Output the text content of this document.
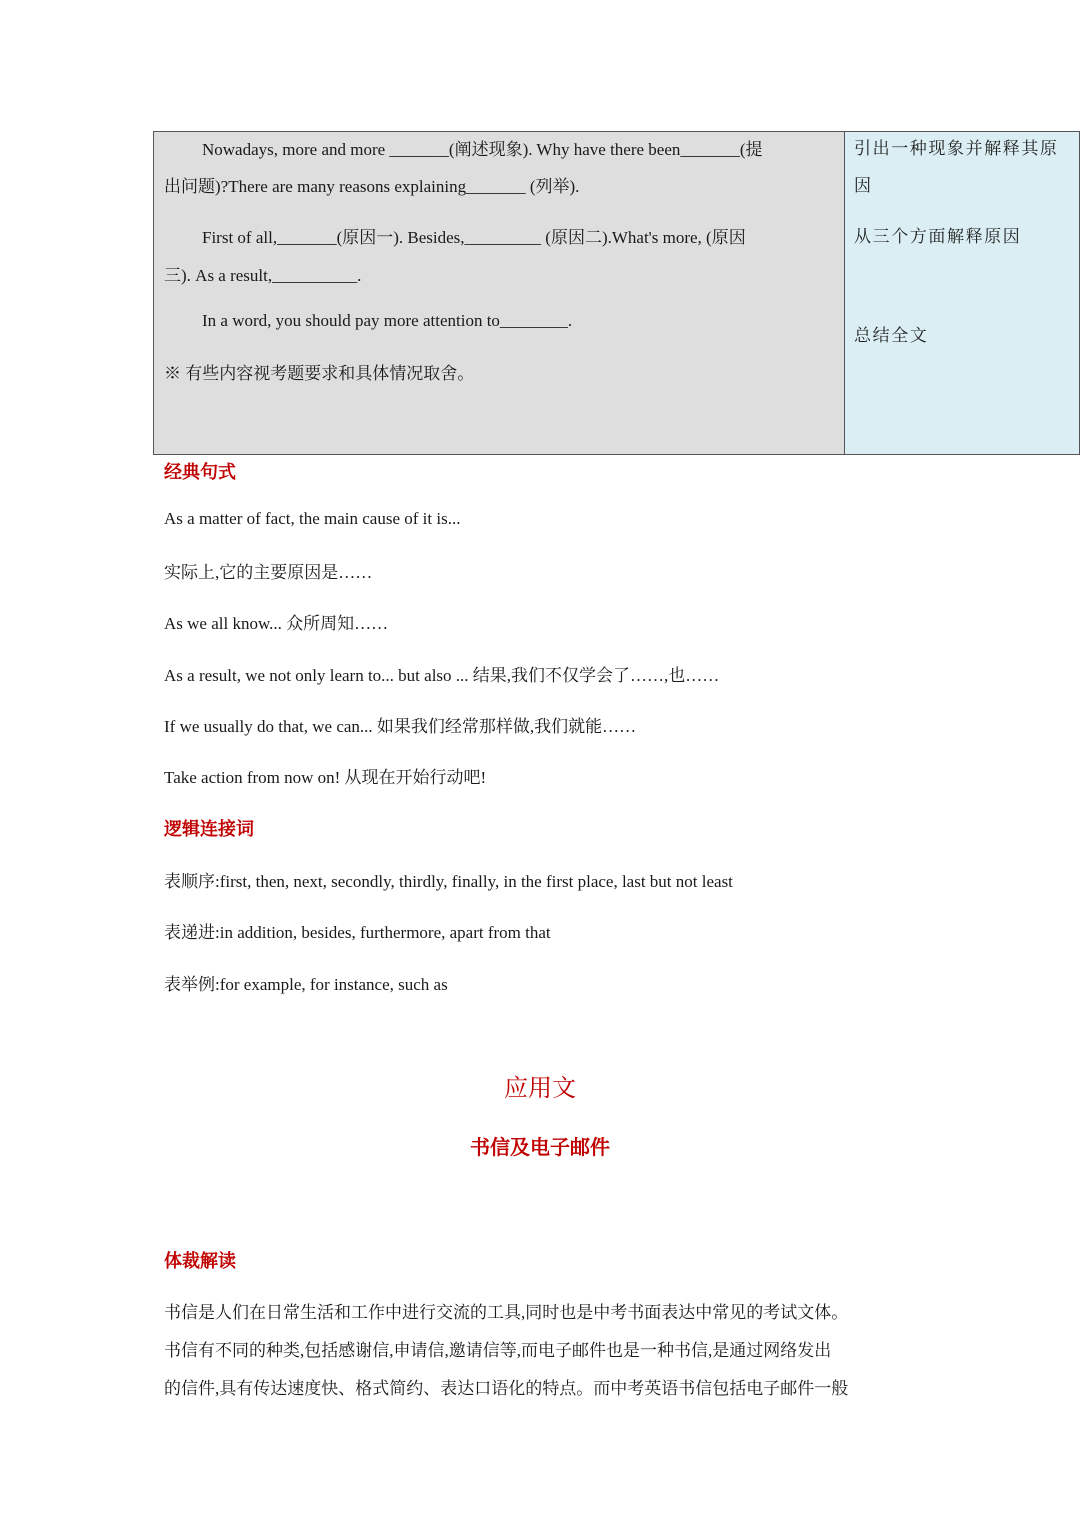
Nowadays, more and more _______(阐述现象). Why have there been_______(提
出问题)?There are many reasons explaining_______ (列举).
First of all,_______(原因一). Besides,_________ (原因二).What's more, (原因
三). As a result,__________.
In a word, you should pay more attention to________.
※ 有些内容视考题要求和具体情况取舍。
引出一种现象并解释其原
因
从三个方面解释原因
总结全文
经典句式
As a matter of fact, the main cause of it is...
实际上,它的主要原因是……
As we all know... 众所周知……
As a result, we not only learn to... but also ... 结果,我们不仅学会了……,也……
If we usually do that, we can... 如果我们经常那样做,我们就能……
Take action from now on! 从现在开始行动吧!
逻辑连接词
表顺序:first, then, next, secondly, thirdly, finally, in the first place, last but not least
表递进:in addition, besides, furthermore, apart from that
表举例:for example, for instance, such as
应用文
书信及电子邮件
体裁解读
书信是人们在日常生活和工作中进行交流的工具,同时也是中考书面表达中常见的考试文体。
书信有不同的种类,包括感谢信,申请信,邀请信等,而电子邮件也是一种书信,是通过网络发出
的信件,具有传达速度快、格式简约、表达口语化的特点。而中考英语书信包括电子邮件一般
